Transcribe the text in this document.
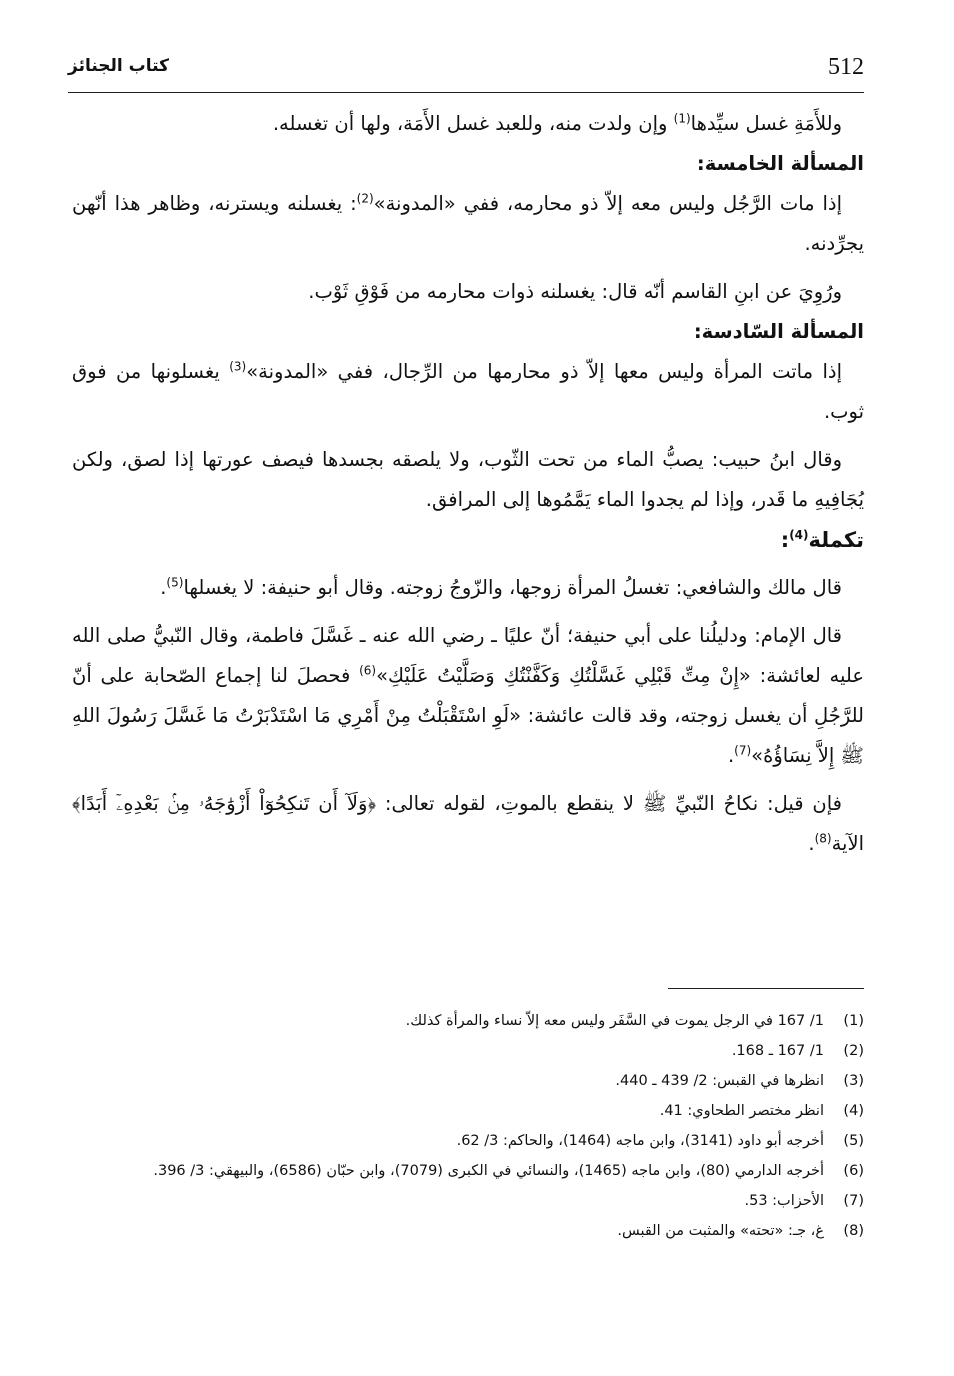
كتاب الجنائز	512

وللأَمَةِ غسل سيِّدها$^{(1)}$ وإن ولدت منه، وللعبد غسل الأَمَة، ولها أن تغسله.

المسألة الخامسة:

إذا مات الرَّجُل وليس معه إلاّ ذو محارمه، ففي «المدونة»$^{(2)}$: يغسلنه ويسترنه، وظاهر هذا أنّهن يجرِّدنه.

ورُوِيَ عن ابنِ القاسم أنّه قال: يغسلنه ذوات محارمه من فَوْقِ ثَوْب.

المسألة السّادسة:

إذا ماتت المرأة وليس معها إلاّ ذو محارمها من الرِّجال، ففي «المدونة»$^{(3)}$ يغسلونها من فوق ثوب.

وقال ابنُ حبيب: يصبُّ الماء من تحت الثّوب، ولا يلصقه بجسدها فيصف عورتها إذا لصق، ولكن يُجَافِيهِ ما قَدر، وإذا لم يجدوا الماء يَمَّمُوها إلى المرافق.

تكملة$^{(4)}$:

قال مالك والشافعي: تغسلُ المرأة زوجها، والزّوجُ زوجته. وقال أبو حنيفة: لا يغسلها$^{(5)}$.

قال الإمام: ودليلُنا على أبي حنيفة؛ أنّ عليًا ـ رضي الله عنه ـ غَسَّلَ فاطمة، وقال النّبيُّ صلى الله عليه لعائشة: «إِنْ مِتِّ قَبْلِي غَسَّلْتُكِ وَكَفَّنْتُكِ وَصَلَّيْتُ عَلَيْكِ»$^{(6)}$ فحصلَ لنا إجماع الصّحابة على أنّ للرَّجُلِ أن يغسل زوجته، وقد قالت عائشة: «لَوِ اسْتَقْبَلْتُ مِنْ أَمْرِي مَا اسْتَدْبَرْتُ مَا غَسَّلَ رَسُولَ اللهِ ﷺ إِلاَّ نِسَاؤُهُ»$^{(7)}$.

فإن قيل: نكاحُ النّبيِّ ﷺ لا ينقطع بالموتِ، لقوله تعالى: ﴿وَلَآ أَن تَنكِحُوٓاْ أَزْوَٰجَهُۥ مِنۢ بَعْدِهِۦٓ أَبَدًا﴾ الآية$^{(8)}$.

(1)
1/ 167 في الرجل يموت في السَّفَر وليس معه إلاّ نساء والمرأة كذلك.
(2)
1/ 167 ـ 168.
(3)
انظرها في القبس: 2/ 439 ـ 440.
(4)
انظر مختصر الطحاوي: 41.
(5)
أخرجه أبو داود (3141)، وابن ماجه (1464)، والحاكم: 3/ 62.
(6)
أخرجه الدارمي (80)، وابن ماجه (1465)، والنسائي في الكبرى (7079)، وابن حبّان (6586)، والبيهقي: 3/ 396.
(7)
الأحزاب: 53.
(8)
غ، جـ: «تحته» والمثبت من القبس.
